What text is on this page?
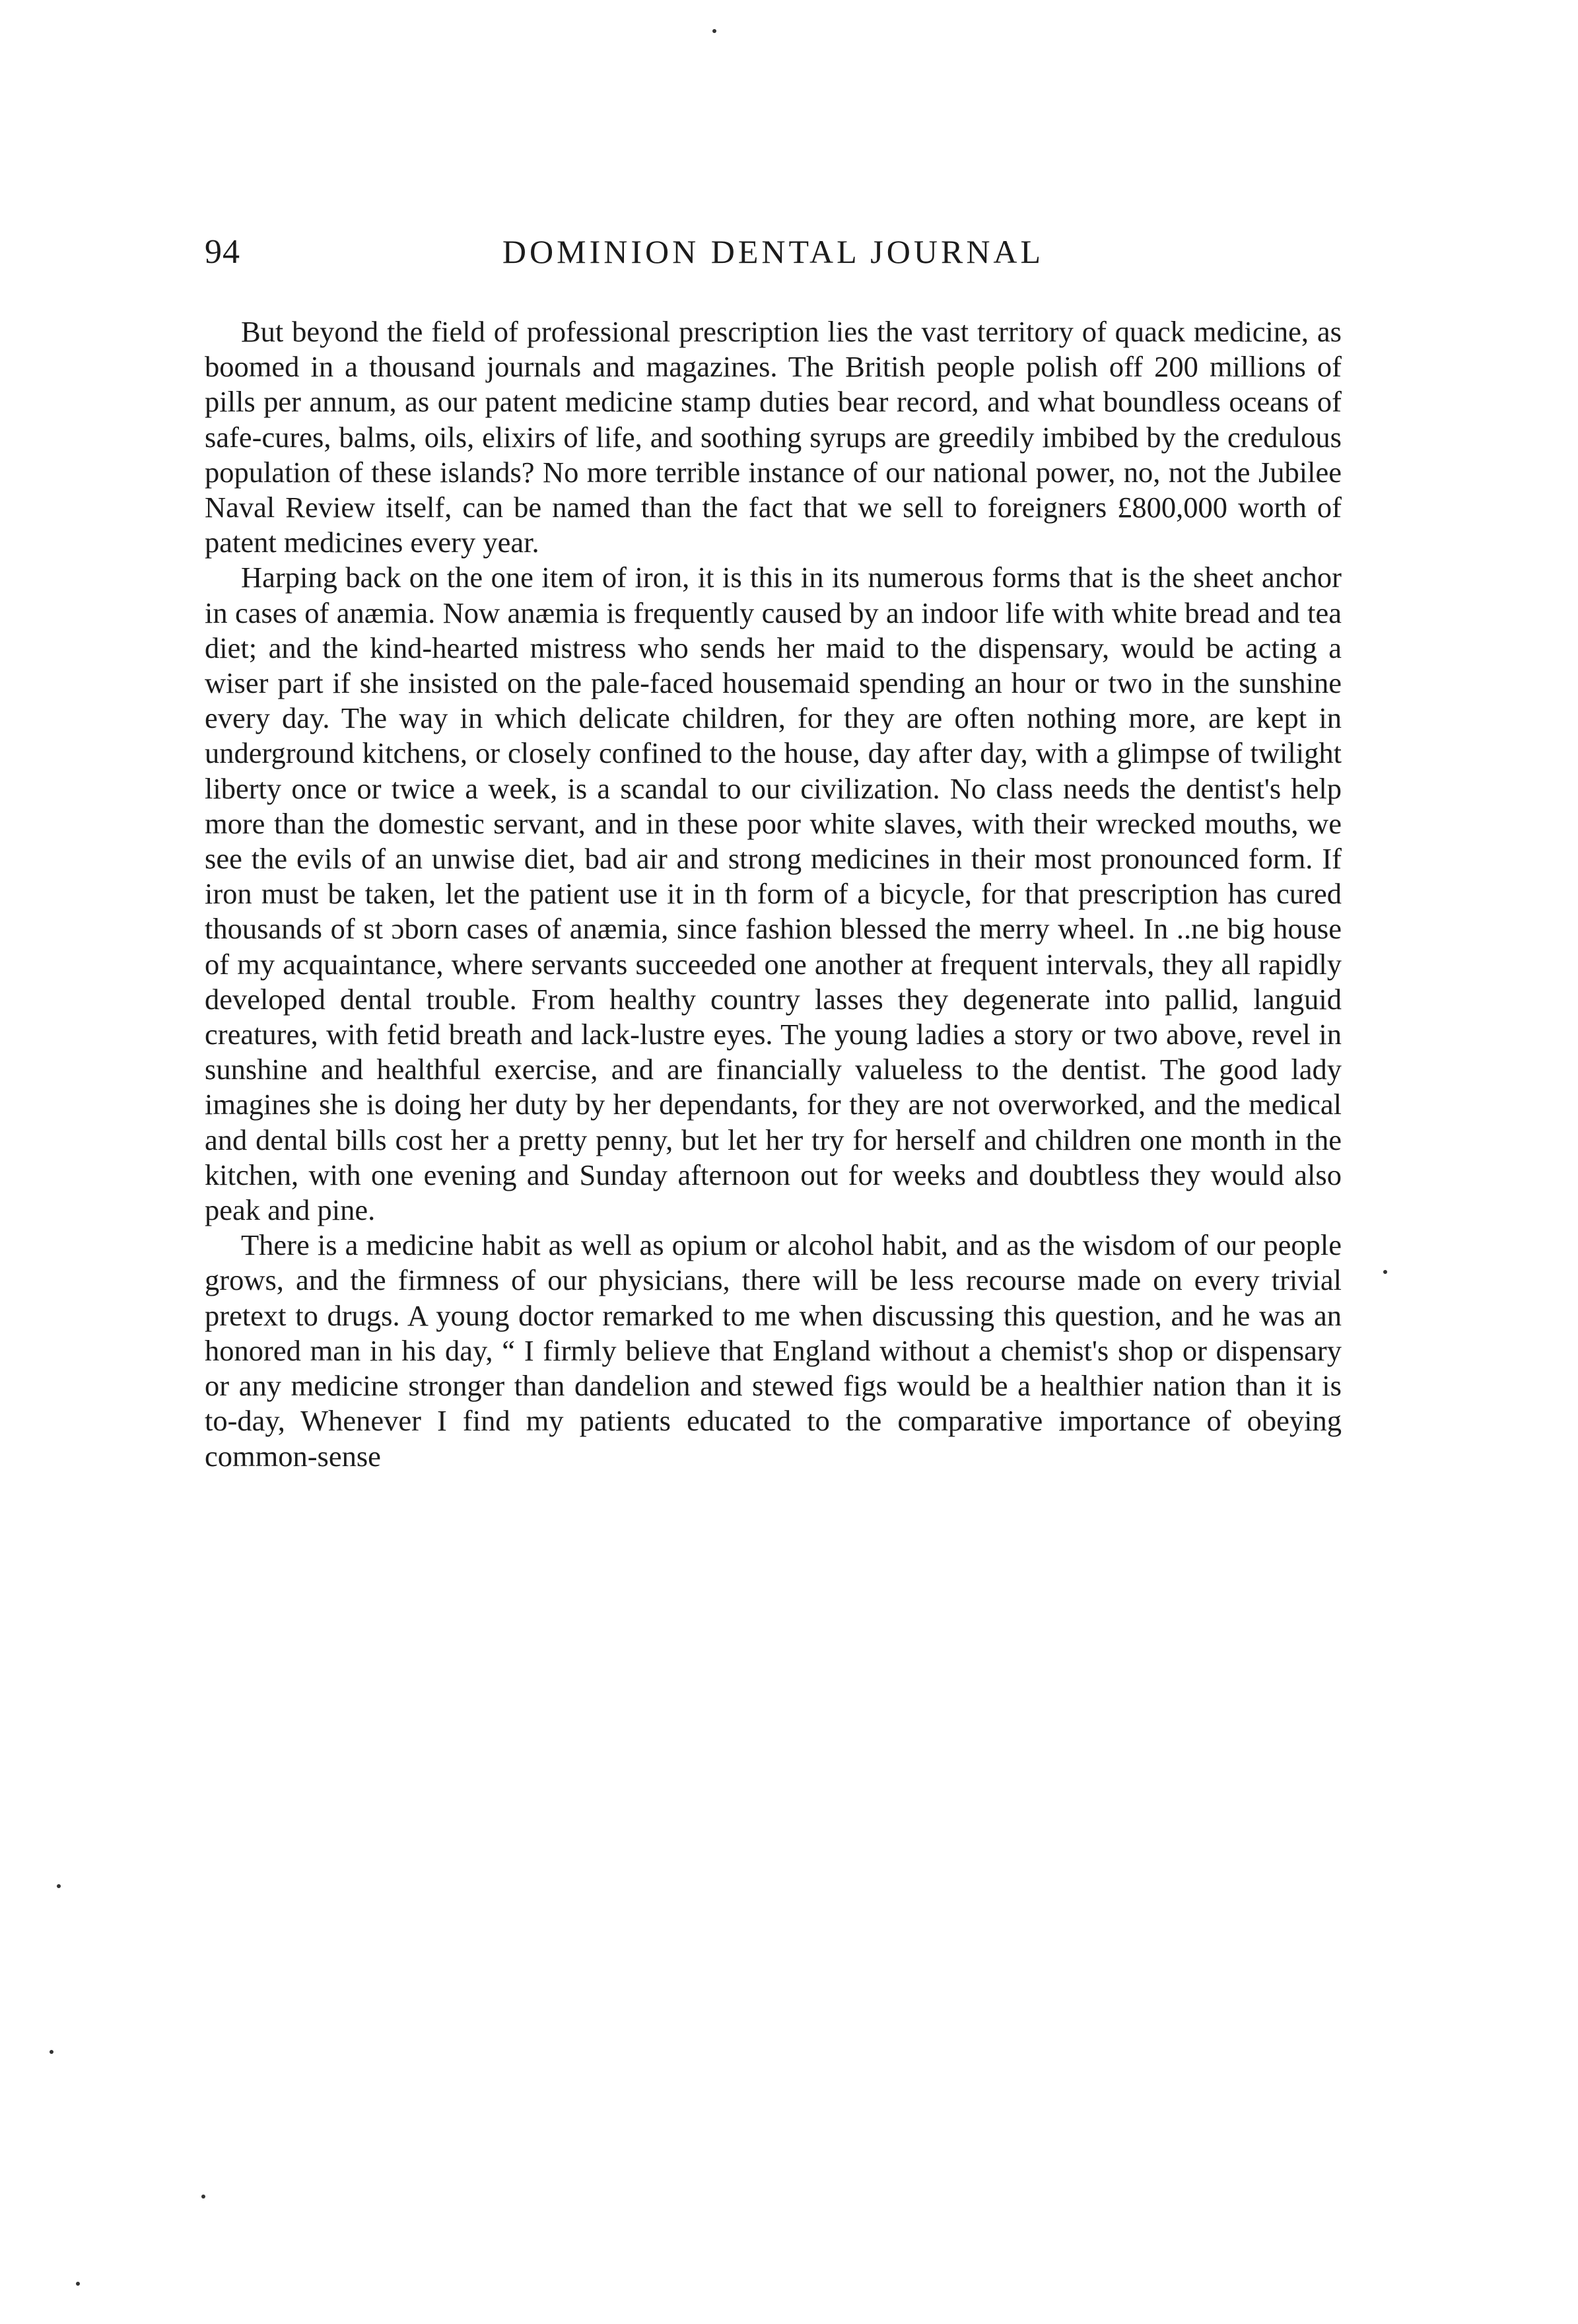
94	DOMINION DENTAL JOURNAL

But beyond the field of professional prescription lies the vast territory of quack medicine, as boomed in a thousand journals and magazines. The British people polish off 200 millions of pills per annum, as our patent medicine stamp duties bear record, and what boundless oceans of safe-cures, balms, oils, elixirs of life, and soothing syrups are greedily imbibed by the credulous population of these islands? No more terrible instance of our national power, no, not the Jubilee Naval Review itself, can be named than the fact that we sell to foreigners £800,000 worth of patent medicines every year.

Harping back on the one item of iron, it is this in its numerous forms that is the sheet anchor in cases of anæmia. Now anæmia is frequently caused by an indoor life with white bread and tea diet; and the kind-hearted mistress who sends her maid to the dispensary, would be acting a wiser part if she insisted on the pale-faced housemaid spending an hour or two in the sunshine every day. The way in which delicate children, for they are often nothing more, are kept in underground kitchens, or closely confined to the house, day after day, with a glimpse of twilight liberty once or twice a week, is a scandal to our civilization. No class needs the dentist's help more than the domestic servant, and in these poor white slaves, with their wrecked mouths, we see the evils of an unwise diet, bad air and strong medicines in their most pronounced form. If iron must be taken, let the patient use it in th form of a bicycle, for that prescription has cured thousands of st ɔborn cases of anæmia, since fashion blessed the merry wheel. In ..ne big house of my acquaintance, where servants succeeded one another at frequent intervals, they all rapidly developed dental trouble. From healthy country lasses they degenerate into pallid, languid creatures, with fetid breath and lack-lustre eyes. The young ladies a story or two above, revel in sunshine and healthful exercise, and are financially valueless to the dentist. The good lady imagines she is doing her duty by her dependants, for they are not overworked, and the medical and dental bills cost her a pretty penny, but let her try for herself and children one month in the kitchen, with one evening and Sunday afternoon out for weeks and doubtless they would also peak and pine.

There is a medicine habit as well as opium or alcohol habit, and as the wisdom of our people grows, and the firmness of our physicians, there will be less recourse made on every trivial pretext to drugs. A young doctor remarked to me when discussing this question, and he was an honored man in his day, “ I firmly believe that England without a chemist's shop or dispensary or any medicine stronger than dandelion and stewed figs would be a healthier nation than it is to-day, Whenever I find my patients educated to the comparative importance of obeying common-sense
